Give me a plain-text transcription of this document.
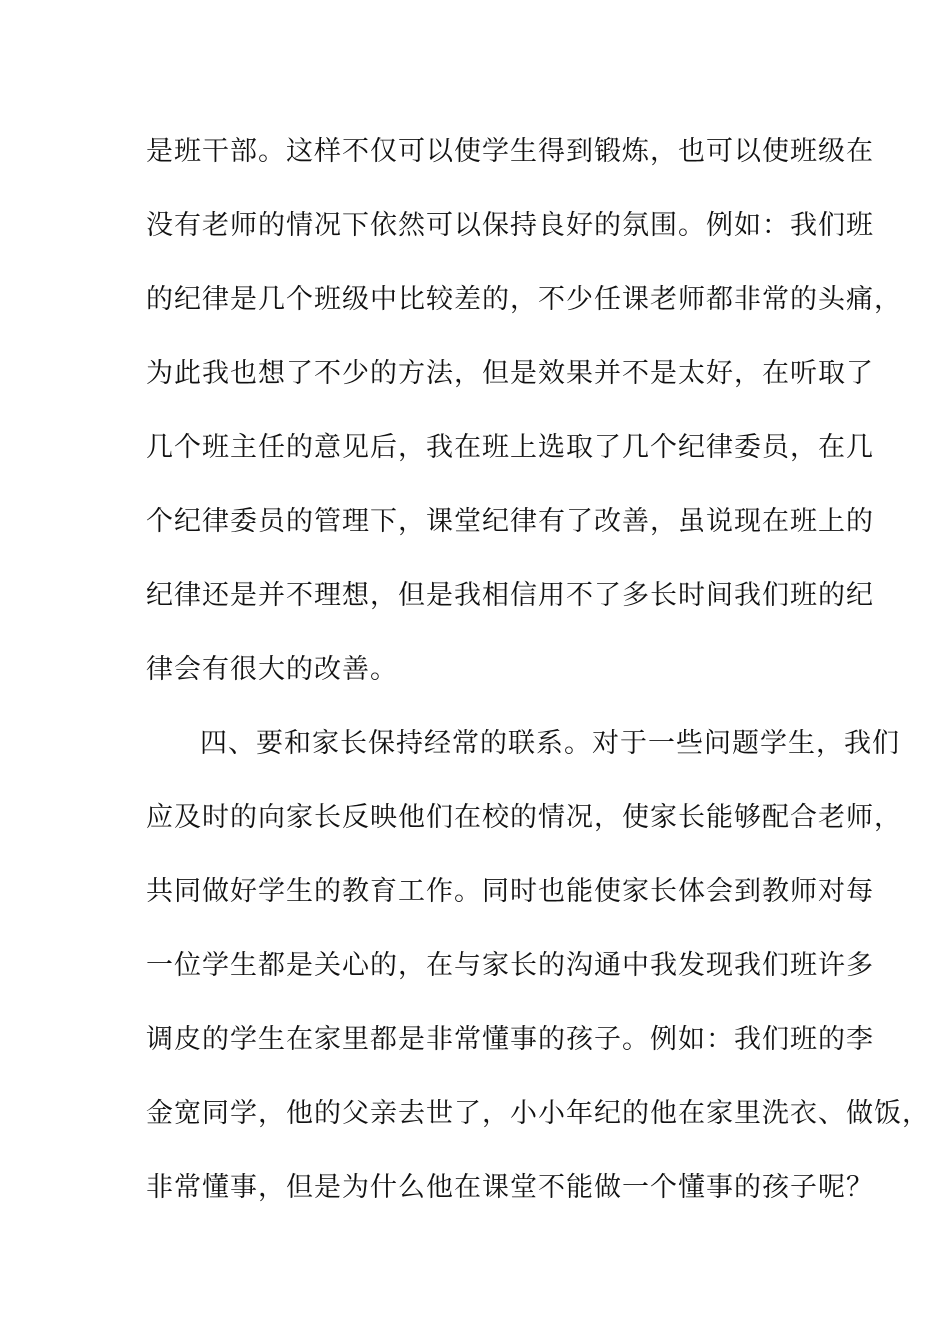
是班干部。这样不仅可以使学生得到锻炼，也可以使班级在
没有老师的情况下依然可以保持良好的氛围。例如：我们班
的纪律是几个班级中比较差的，不少任课老师都非常的头痛，
为此我也想了不少的方法，但是效果并不是太好，在听取了
几个班主任的意见后，我在班上选取了几个纪律委员，在几
个纪律委员的管理下，课堂纪律有了改善，虽说现在班上的
纪律还是并不理想，但是我相信用不了多长时间我们班的纪
律会有很大的改善。
四、要和家长保持经常的联系。对于一些问题学生，我们
应及时的向家长反映他们在校的情况，使家长能够配合老师，
共同做好学生的教育工作。同时也能使家长体会到教师对每
一位学生都是关心的，在与家长的沟通中我发现我们班许多
调皮的学生在家里都是非常懂事的孩子。例如：我们班的李
金宽同学，他的父亲去世了，小小年纪的他在家里洗衣、做饭，
非常懂事，但是为什么他在课堂不能做一个懂事的孩子呢？
